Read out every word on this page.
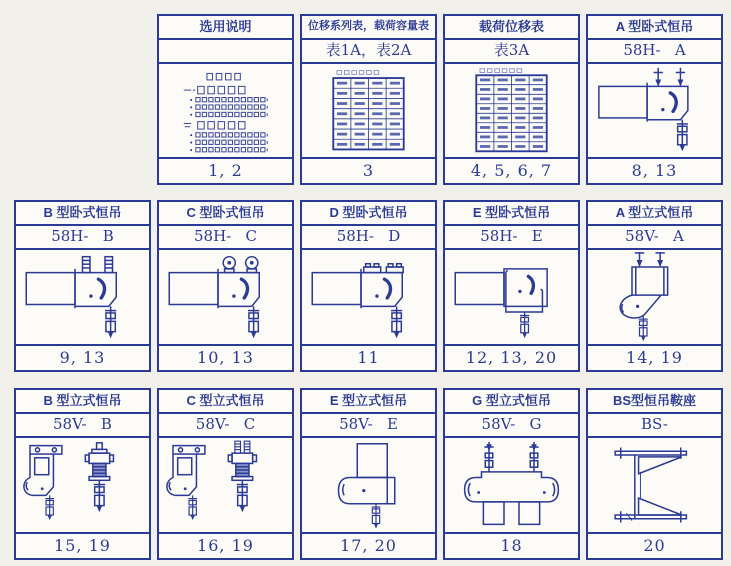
选用说明
1, 2
位移系列表，载荷容量表
表1A，表2A
3
载荷位移表
表3A
4, 5, 6, 7
A 型卧式恒吊
58H-   A
8, 13
B 型卧式恒吊
58H-   B
9, 13
C 型卧式恒吊
58H-   C
10, 13
D 型卧式恒吊
58H-   D
11
E 型卧式恒吊
58H-   E
12, 13, 20
A 型立式恒吊
58V-   A
14, 19
B 型立式恒吊
58V-   B
15, 19
C 型立式恒吊
58V-   C
16, 19
E 型立式恒吊
58V-   E
17, 20
G 型立式恒吊
58V-   G
18
BS型恒吊鞍座
BS-
20
